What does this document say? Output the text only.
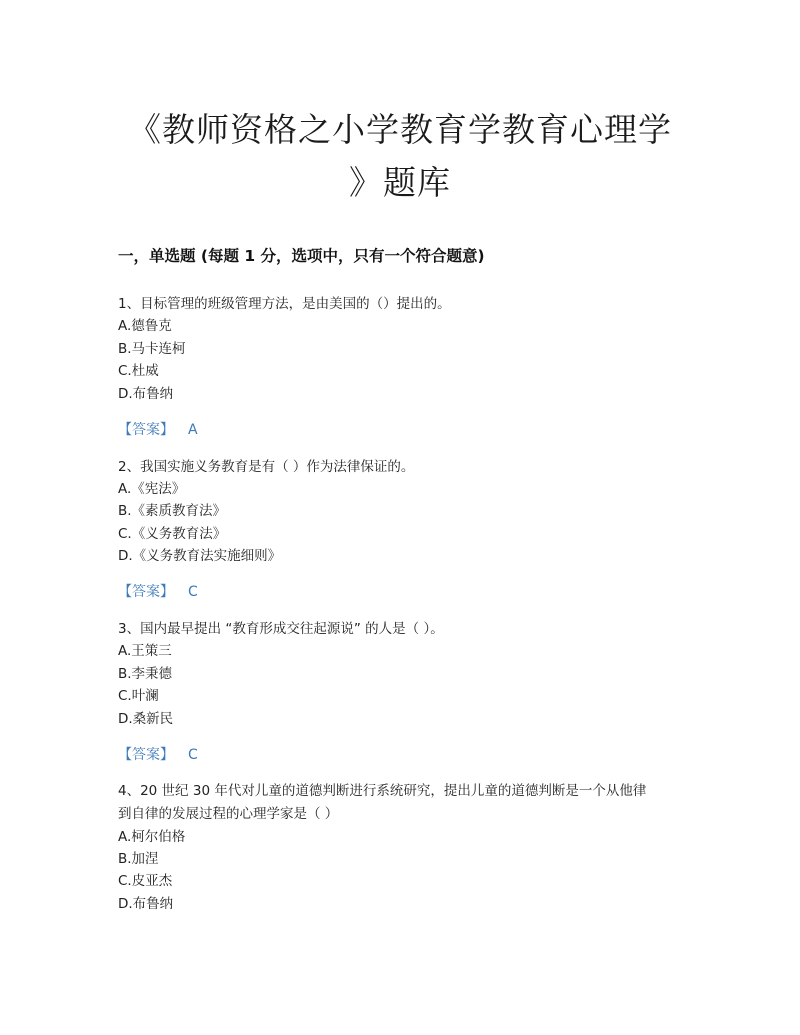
《教师资格之小学教育学教育心理学
》题库
一，单选题 (每题 1 分，选项中，只有一个符合题意)
1、目标管理的班级管理方法，是由美国的（）提出的。
A.德鲁克
B.马卡连柯
C.杜威
D.布鲁纳
【答案】 A
2、我国实施义务教育是有（ ）作为法律保证的。
A.《宪法》
B.《素质教育法》
C.《义务教育法》
D.《义务教育法实施细则》
【答案】 C
3、国内最早提出 “教育形成交往起源说” 的人是（ ）。
A.王策三
B.李秉德
C.叶澜
D.桑新民
【答案】 C
4、20 世纪 30 年代对儿童的道德判断进行系统研究，提出儿童的道德判断是一个从他律
到自律的发展过程的心理学家是（ ）
A.柯尔伯格
B.加涅
C.皮亚杰
D.布鲁纳
